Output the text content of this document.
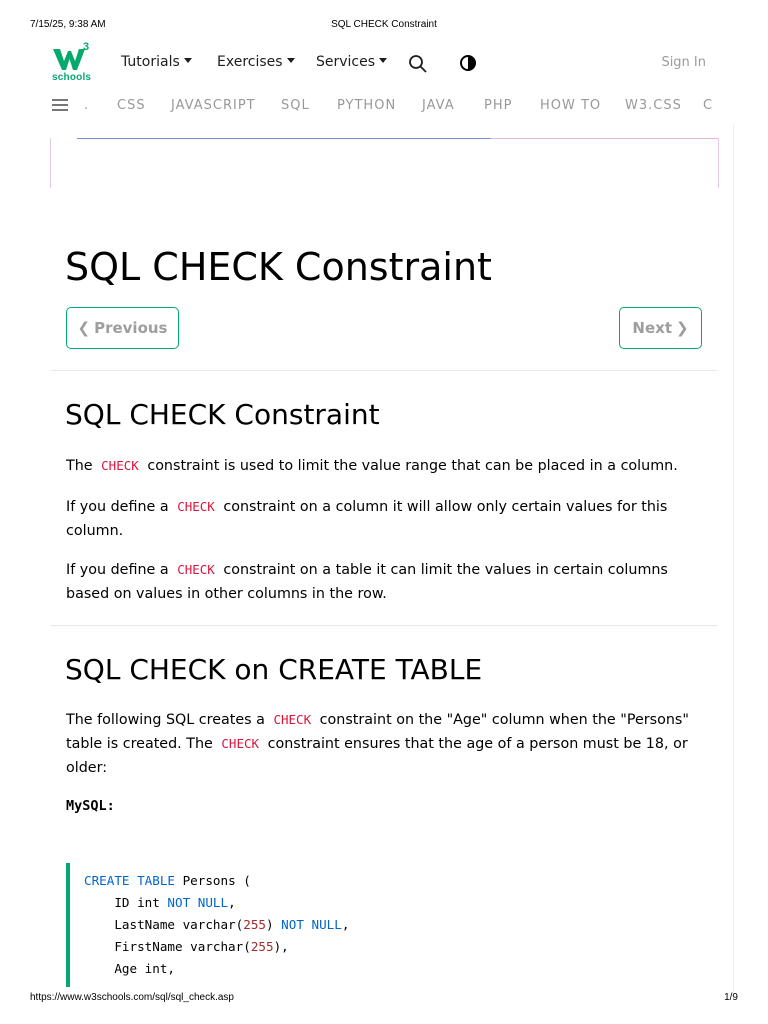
7/15/25, 9:38 AM	SQL CHECK Constraint
3
schools
Tutorials	Exercises	Services	Sign In
. CSS JAVASCRIPT SQL PYTHON JAVA PHP HOW TO W3.CSS C
SQL CHECK Constraint
❮ Previous	Next ❯
SQL CHECK Constraint

The CHECK constraint is used to limit the value range that can be placed in a column.

If you define a CHECK constraint on a column it will allow only certain values for this column.

If you define a CHECK constraint on a table it can limit the values in certain columns based on values in other columns in the row.

SQL CHECK on CREATE TABLE

The following SQL creates a CHECK constraint on the "Age" column when the "Persons" table is created. The CHECK constraint ensures that the age of a person must be 18, or older:

MySQL:
CREATE TABLE Persons (
ID int NOT NULL,
LastName varchar(255) NOT NULL,
FirstName varchar(255),
Age int,
https://www.w3schools.com/sql/sql_check.asp	1/9
